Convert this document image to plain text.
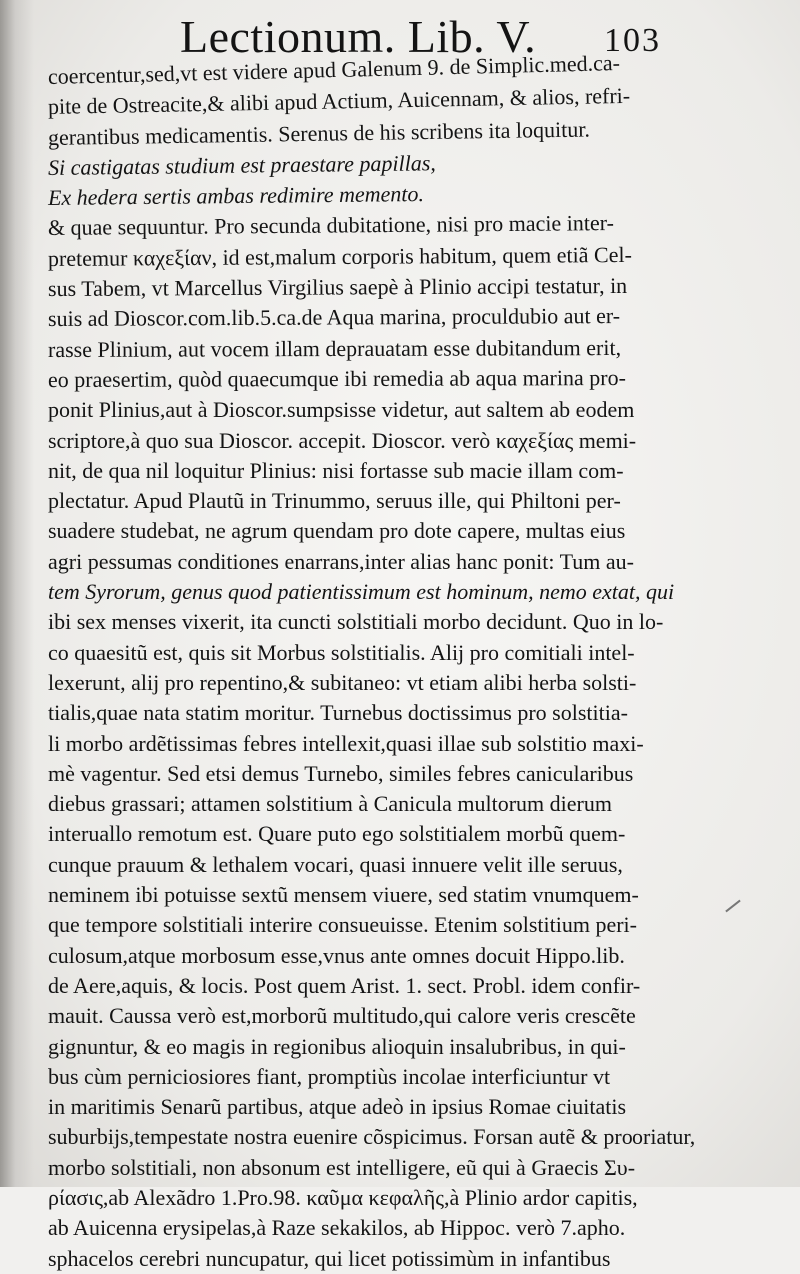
Lectionum. Lib. V. 103
coercentur,sed,vt est videre apud Galenum 9. de Simplic.med.ca-
pite de Ostreacite,& alibi apud Actium, Auicennam, & alios, refri-
gerantibus medicamentis. Serenus de his scribens ita loquitur.
Si castigatas studium est praestare papillas,
Ex hedera sertis ambas redimire memento.
& quae sequuntur. Pro secunda dubitatione, nisi pro macie inter-
pretemur καχεξίαν, id est,malum corporis habitum, quem etiã Cel-
sus Tabem, vt Marcellus Virgilius saepè à Plinio accipi testatur, in
suis ad Dioscor.com.lib.5.ca.de Aqua marina, proculdubio aut er-
rasse Plinium, aut vocem illam deprauatam esse dubitandum erit,
eo praesertim, quòd quaecumque ibi remedia ab aqua marina pro-
ponit Plinius,aut à Dioscor.sumpsisse videtur, aut saltem ab eodem
scriptore,à quo sua Dioscor. accepit. Dioscor. verò καχεξίας memi-
nit, de qua nil loquitur Plinius: nisi fortasse sub macie illam com-
plectatur. Apud Plautũ in Trinummo, seruus ille, qui Philtoni per-
suadere studebat, ne agrum quendam pro dote capere, multas eius
agri pessumas conditiones enarrans,inter alias hanc ponit: Tum au-
tem Syrorum, genus quod patientissimum est hominum, nemo extat, qui
ibi sex menses vixerit, ita cuncti solstitiali morbo decidunt. Quo in lo-
co quaesitũ est, quis sit Morbus solstitialis. Alij pro comitiali intel-
lexerunt, alij pro repentino,& subitaneo: vt etiam alibi herba solsti-
tialis,quae nata statim moritur. Turnebus doctissimus pro solstitia-
li morbo ardẽtissimas febres intellexit,quasi illae sub solstitio maxi-
mè vagentur. Sed etsi demus Turnebo, similes febres canicularibus
diebus grassari; attamen solstitium à Canicula multorum dierum
interuallo remotum est. Quare puto ego solstitialem morbũ quem-
cunque prauum & lethalem vocari, quasi innuere velit ille seruus,
neminem ibi potuisse sextũ mensem viuere, sed statim vnumquem-
que tempore solstitiali interire consueuisse. Etenim solstitium peri-
culosum,atque morbosum esse,vnus ante omnes docuit Hippo.lib.
de Aere,aquis, & locis. Post quem Arist. 1. sect. Probl. idem confir-
mauit. Caussa verò est,morborũ multitudo,qui calore veris crescẽte
gignuntur, & eo magis in regionibus alioquin insalubribus, in qui-
bus cùm perniciosiores fiant, promptiùs incolae interficiuntur vt
in maritimis Senarũ partibus, atque adeò in ipsius Romae ciuitatis
suburbijs,tempestate nostra euenire cõspicimus. Forsan autẽ & pro
morbo solstitiali, non absonum est intelligere, eũ qui à Graecis Συ-
ρίασις,ab Alexãdro 1.Pro.98. καῦμα κεφαλῆς,à Plinio ardor capitis,
ab Auicenna erysipelas,à Raze sekakilos, ab Hippoc. verò 7.apho.
sphacelos cerebri nuncupatur, qui licet potissimùm in infantibus
oriatur,
